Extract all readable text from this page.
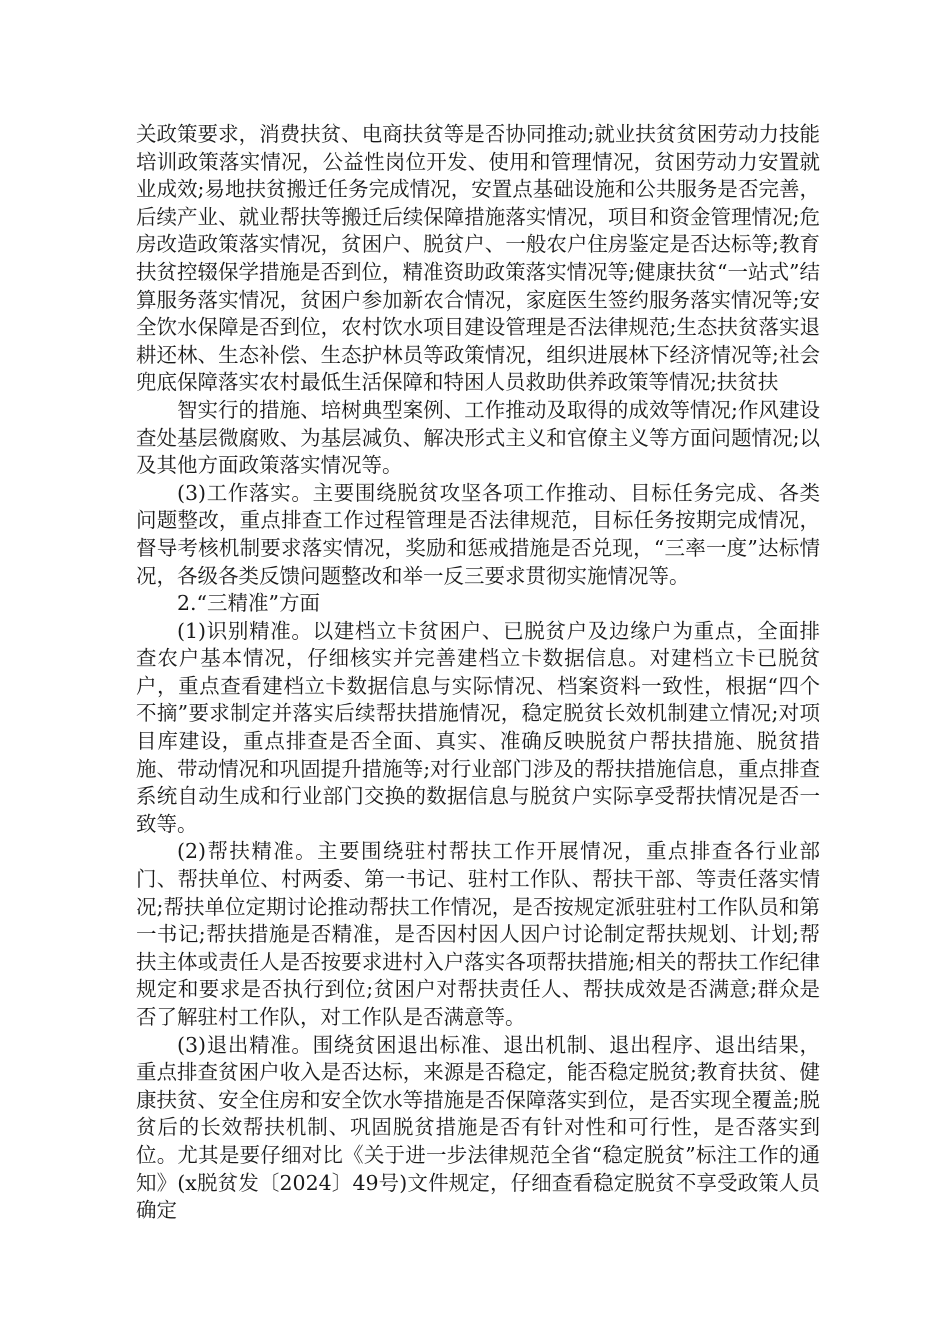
关政策要求，消费扶贫、电商扶贫等是否协同推动;就业扶贫贫困劳动力技能培训政策落实情况，公益性岗位开发、使用和管理情况，贫困劳动力安置就业成效;易地扶贫搬迁任务完成情况，安置点基础设施和公共服务是否完善，后续产业、就业帮扶等搬迁后续保障措施落实情况，项目和资金管理情况;危房改造政策落实情况，贫困户、脱贫户、一般农户住房鉴定是否达标等;教育扶贫控辍保学措施是否到位，精准资助政策落实情况等;健康扶贫“一站式”结算服务落实情况，贫困户参加新农合情况，家庭医生签约服务落实情况等;安全饮水保障是否到位，农村饮水项目建设管理是否法律规范;生态扶贫落实退耕还林、生态补偿、生态护林员等政策情况，组织进展林下经济情况等;社会兜底保障落实农村最低生活保障和特困人员救助供养政策等情况;扶贫扶

智实行的措施、培树典型案例、工作推动及取得的成效等情况;作风建设查处基层微腐败、为基层减负、解决形式主义和官僚主义等方面问题情况;以及其他方面政策落实情况等。

(3)工作落实。主要围绕脱贫攻坚各项工作推动、目标任务完成、各类问题整改，重点排查工作过程管理是否法律规范，目标任务按期完成情况，督导考核机制要求落实情况，奖励和惩戒措施是否兑现，“三率一度”达标情况，各级各类反馈问题整改和举一反三要求贯彻实施情况等。

2.“三精准”方面

(1)识别精准。以建档立卡贫困户、已脱贫户及边缘户为重点，全面排查农户基本情况，仔细核实并完善建档立卡数据信息。对建档立卡已脱贫户，重点查看建档立卡数据信息与实际情况、档案资料一致性，根据“四个不摘”要求制定并落实后续帮扶措施情况，稳定脱贫长效机制建立情况;对项目库建设，重点排查是否全面、真实、准确反映脱贫户帮扶措施、脱贫措施、带动情况和巩固提升措施等;对行业部门涉及的帮扶措施信息，重点排查系统自动生成和行业部门交换的数据信息与脱贫户实际享受帮扶情况是否一致等。

(2)帮扶精准。主要围绕驻村帮扶工作开展情况，重点排查各行业部门、帮扶单位、村两委、第一书记、驻村工作队、帮扶干部、等责任落实情况;帮扶单位定期讨论推动帮扶工作情况，是否按规定派驻驻村工作队员和第一书记;帮扶措施是否精准，是否因村因人因户讨论制定帮扶规划、计划;帮扶主体或责任人是否按要求进村入户落实各项帮扶措施;相关的帮扶工作纪律规定和要求是否执行到位;贫困户对帮扶责任人、帮扶成效是否满意;群众是否了解驻村工作队，对工作队是否满意等。

(3)退出精准。围绕贫困退出标准、退出机制、退出程序、退出结果，重点排查贫困户收入是否达标，来源是否稳定，能否稳定脱贫;教育扶贫、健康扶贫、安全住房和安全饮水等措施是否保障落实到位，是否实现全覆盖;脱贫后的长效帮扶机制、巩固脱贫措施是否有针对性和可行性，是否落实到位。尤其是要仔细对比《关于进一步法律规范全省“稳定脱贫”标注工作的通知》(x脱贫发〔2024〕49号)文件规定，仔细查看稳定脱贫不享受政策人员确定
